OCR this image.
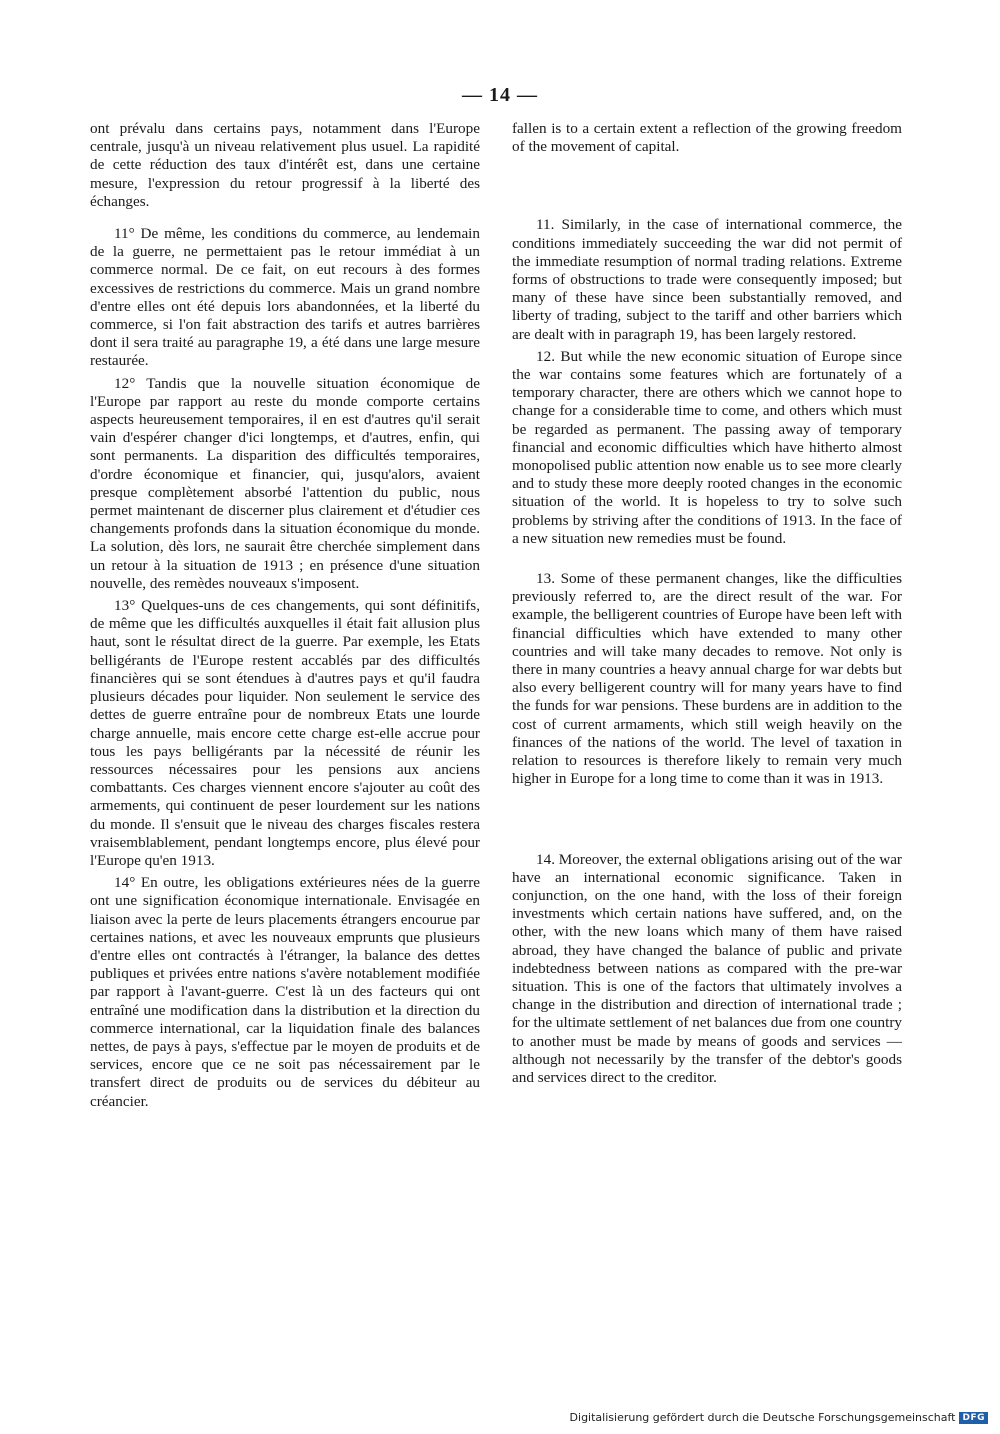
— 14 —

ont prévalu dans certains pays, notamment dans l'Europe centrale, jusqu'à un niveau relativement plus usuel. La rapidité de cette réduction des taux d'intérêt est, dans une certaine mesure, l'expression du retour progressif à la liberté des échanges.

11° De même, les conditions du commerce, au lendemain de la guerre, ne permettaient pas le retour immédiat à un commerce normal. De ce fait, on eut recours à des formes excessives de restrictions du commerce. Mais un grand nombre d'entre elles ont été depuis lors abandonnées, et la liberté du commerce, si l'on fait abstraction des tarifs et autres barrières dont il sera traité au paragraphe 19, a été dans une large mesure restaurée.

12° Tandis que la nouvelle situation économique de l'Europe par rapport au reste du monde comporte certains aspects heureusement temporaires, il en est d'autres qu'il serait vain d'espérer changer d'ici longtemps, et d'autres, enfin, qui sont permanents. La disparition des difficultés temporaires, d'ordre économique et financier, qui, jusqu'alors, avaient presque complètement absorbé l'attention du public, nous permet maintenant de discerner plus clairement et d'étudier ces changements profonds dans la situation économique du monde. La solution, dès lors, ne saurait être cherchée simplement dans un retour à la situation de 1913 ; en présence d'une situation nouvelle, des remèdes nouveaux s'imposent.

13° Quelques-uns de ces changements, qui sont définitifs, de même que les difficultés auxquelles il était fait allusion plus haut, sont le résultat direct de la guerre. Par exemple, les Etats belligérants de l'Europe restent accablés par des difficultés financières qui se sont étendues à d'autres pays et qu'il faudra plusieurs décades pour liquider. Non seulement le service des dettes de guerre entraîne pour de nombreux Etats une lourde charge annuelle, mais encore cette charge est-elle accrue pour tous les pays belligérants par la nécessité de réunir les ressources nécessaires pour les pensions aux anciens combattants. Ces charges viennent encore s'ajouter au coût des armements, qui continuent de peser lourdement sur les nations du monde. Il s'ensuit que le niveau des charges fiscales restera vraisemblablement, pendant longtemps encore, plus élevé pour l'Europe qu'en 1913.

14° En outre, les obligations extérieures nées de la guerre ont une signification économique internationale. Envisagée en liaison avec la perte de leurs placements étrangers encourue par certaines nations, et avec les nouveaux emprunts que plusieurs d'entre elles ont contractés à l'étranger, la balance des dettes publiques et privées entre nations s'avère notablement modifiée par rapport à l'avant-guerre. C'est là un des facteurs qui ont entraîné une modification dans la distribution et la direction du commerce international, car la liquidation finale des balances nettes, de pays à pays, s'effectue par le moyen de produits et de services, encore que ce ne soit pas nécessairement par le transfert direct de produits ou de services du débiteur au créancier.

fallen is to a certain extent a reflection of the growing freedom of the movement of capital.

11. Similarly, in the case of international commerce, the conditions immediately succeeding the war did not permit of the immediate resumption of normal trading relations. Extreme forms of obstructions to trade were consequently imposed; but many of these have since been substantially removed, and liberty of trading, subject to the tariff and other barriers which are dealt with in paragraph 19, has been largely restored.

12. But while the new economic situation of Europe since the war contains some features which are fortunately of a temporary character, there are others which we cannot hope to change for a considerable time to come, and others which must be regarded as permanent. The passing away of temporary financial and economic difficulties which have hitherto almost monopolised public attention now enable us to see more clearly and to study these more deeply rooted changes in the economic situation of the world. It is hopeless to try to solve such problems by striving after the conditions of 1913. In the face of a new situation new remedies must be found.

13. Some of these permanent changes, like the difficulties previously referred to, are the direct result of the war. For example, the belligerent countries of Europe have been left with financial difficulties which have extended to many other countries and will take many decades to remove. Not only is there in many countries a heavy annual charge for war debts but also every belligerent country will for many years have to find the funds for war pensions. These burdens are in addition to the cost of current armaments, which still weigh heavily on the finances of the nations of the world. The level of taxation in relation to resources is therefore likely to remain very much higher in Europe for a long time to come than it was in 1913.

14. Moreover, the external obligations arising out of the war have an international economic significance. Taken in conjunction, on the one hand, with the loss of their foreign investments which certain nations have suffered, and, on the other, with the new loans which many of them have raised abroad, they have changed the balance of public and private indebtedness between nations as compared with the pre-war situation. This is one of the factors that ultimately involves a change in the distribution and direction of international trade ; for the ultimate settlement of net balances due from one country to another must be made by means of goods and services — although not necessarily by the transfer of the debtor's goods and services direct to the creditor.

Digitalisierung gefördert durch die Deutsche Forschungsgemeinschaft DFG
